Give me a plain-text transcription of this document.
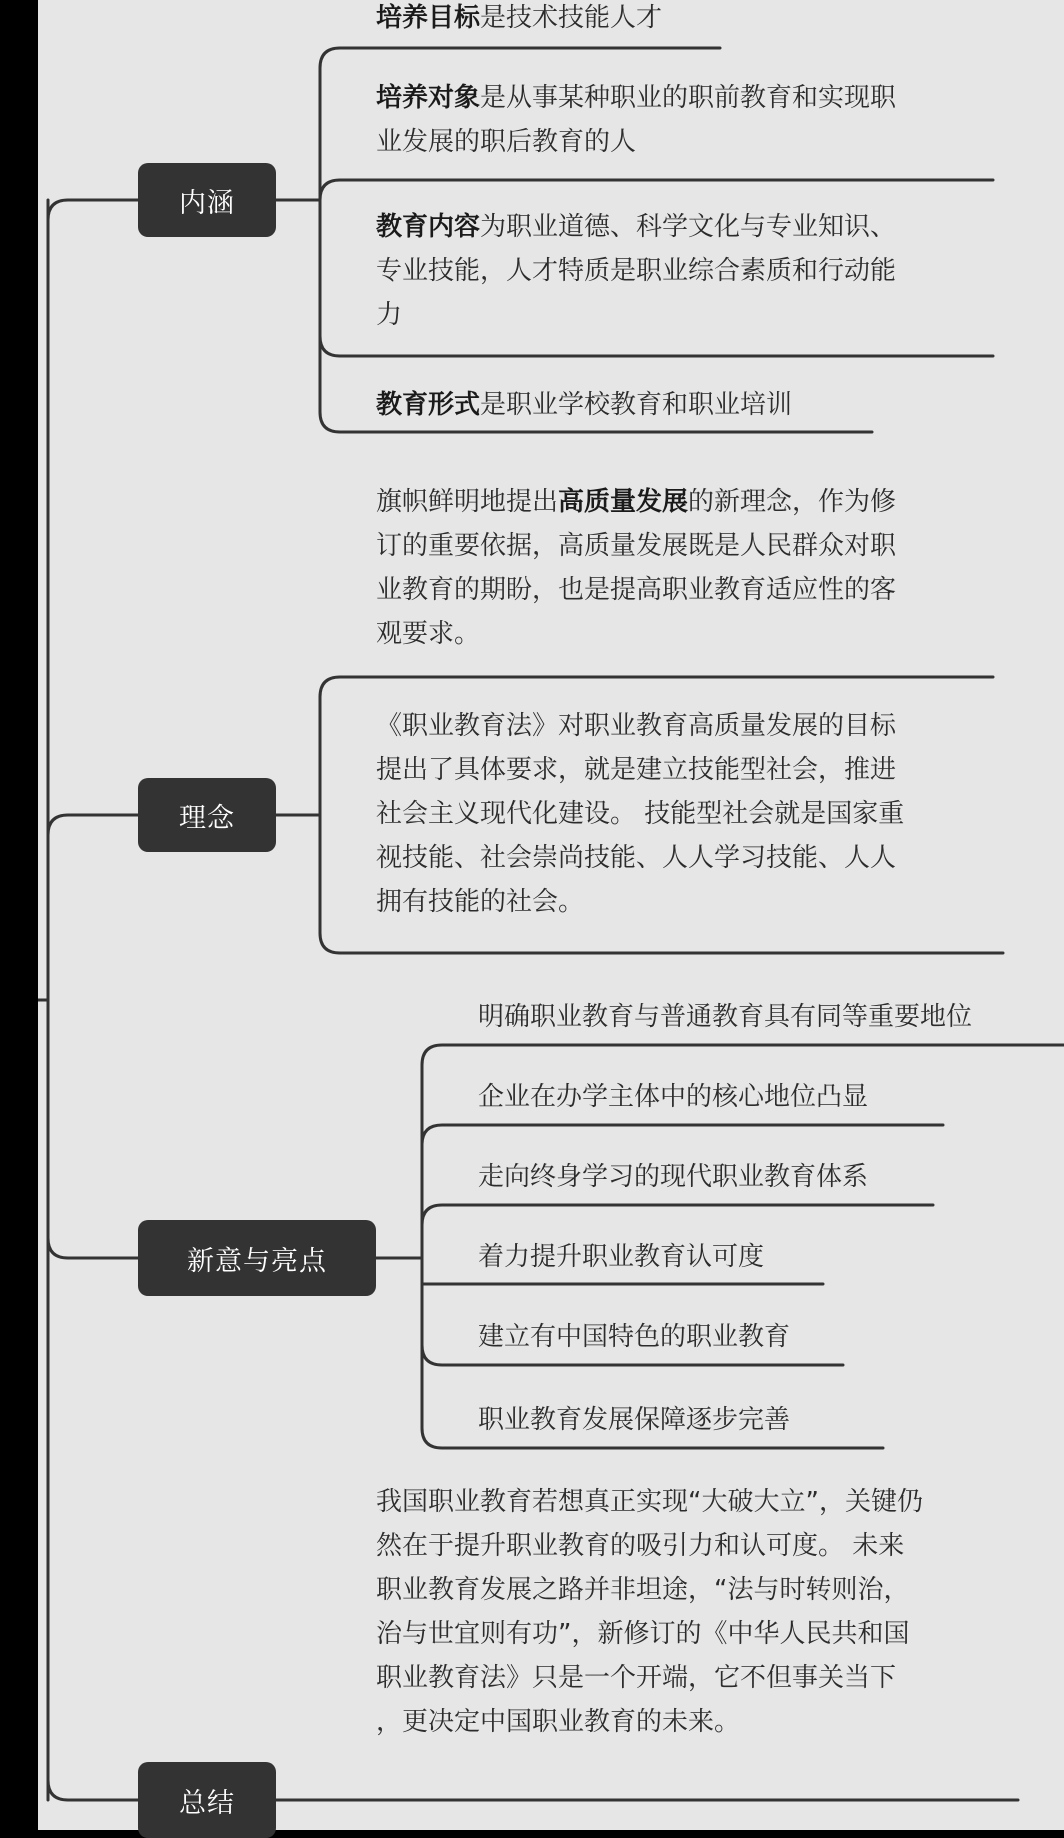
内涵
理念
新意与亮点
总结
培养目标是技术技能人才
培养对象是从事某种职业的职前教育和实现职
业发展的职后教育的人
教育内容为职业道德、科学文化与专业知识、
专业技能，人才特质是职业综合素质和行动能
力
教育形式是职业学校教育和职业培训
旗帜鲜明地提出高质量发展的新理念，作为修
订的重要依据，高质量发展既是人民群众对职
业教育的期盼，也是提高职业教育适应性的客
观要求。
《职业教育法》对职业教育高质量发展的目标
提出了具体要求，就是建立技能型社会，推进
社会主义现代化建设。 技能型社会就是国家重
视技能、社会崇尚技能、人人学习技能、人人
拥有技能的社会。
明确职业教育与普通教育具有同等重要地位
企业在办学主体中的核心地位凸显
走向终身学习的现代职业教育体系
着力提升职业教育认可度
建立有中国特色的职业教育
职业教育发展保障逐步完善
我国职业教育若想真正实现“大破大立”，关键仍
然在于提升职业教育的吸引力和认可度。 未来
职业教育发展之路并非坦途，“法与时转则治，
治与世宜则有功”，新修订的《中华人民共和国
职业教育法》只是一个开端，它不但事关当下
，更决定中国职业教育的未来。
